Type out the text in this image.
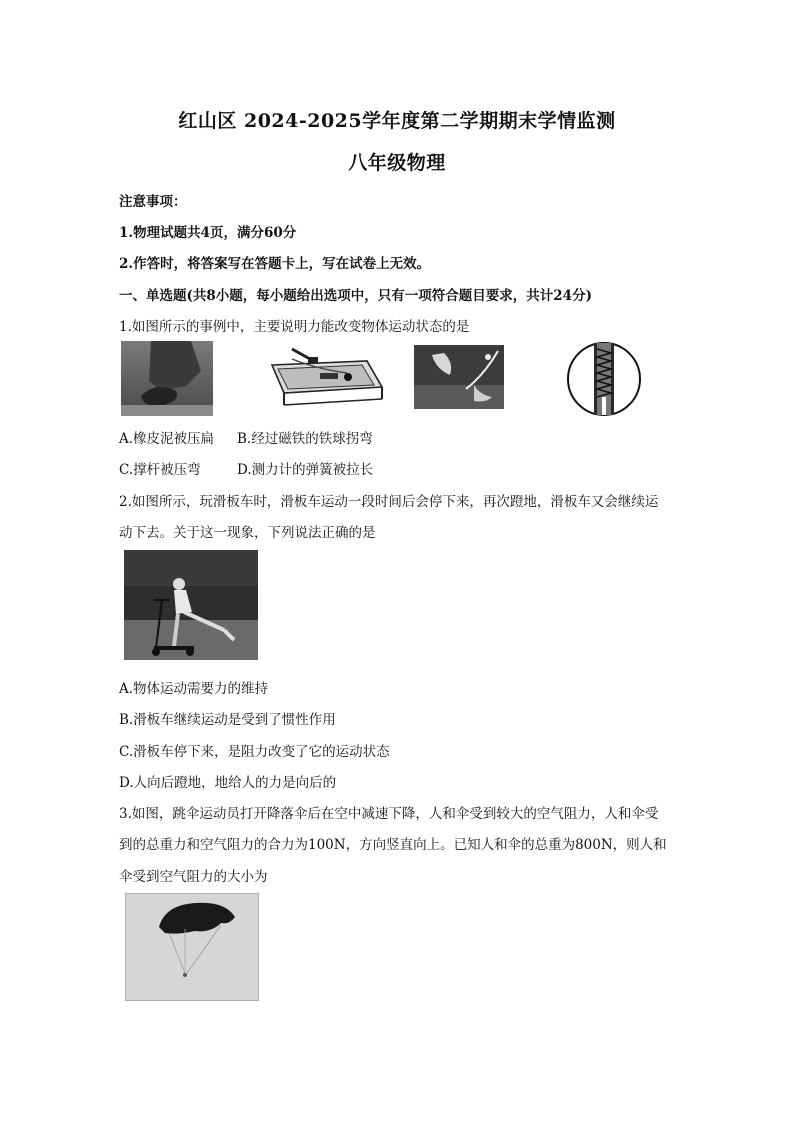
红山区 2024-2025学年度第二学期期末学情监测
八年级物理
注意事项：
1.物理试题共4页，满分60分
2.作答时，将答案写在答题卡上，写在试卷上无效。
一、单选题(共8小题，每小题给出选项中，只有一项符合题目要求，共计24分)
1.如图所示的事例中，主要说明力能改变物体运动状态的是
A.橡皮泥被压扁 B.经过磁铁的铁球拐弯
C.撑杆被压弯	D.测力计的弹簧被拉长
2.如图所示，玩滑板车时，滑板车运动一段时间后会停下来，再次蹬地，滑板车又会继续运
动下去。关于这一现象，下列说法正确的是
A.物体运动需要力的维持
B.滑板车继续运动是受到了惯性作用
C.滑板车停下来，是阻力改变了它的运动状态
D.人向后蹬地，地给人的力是向后的
3.如图，跳伞运动员打开降落伞后在空中减速下降，人和伞受到较大的空气阻力，人和伞受
到的总重力和空气阻力的合力为100N，方向竖直向上。已知人和伞的总重为800N，则人和
伞受到空气阻力的大小为
